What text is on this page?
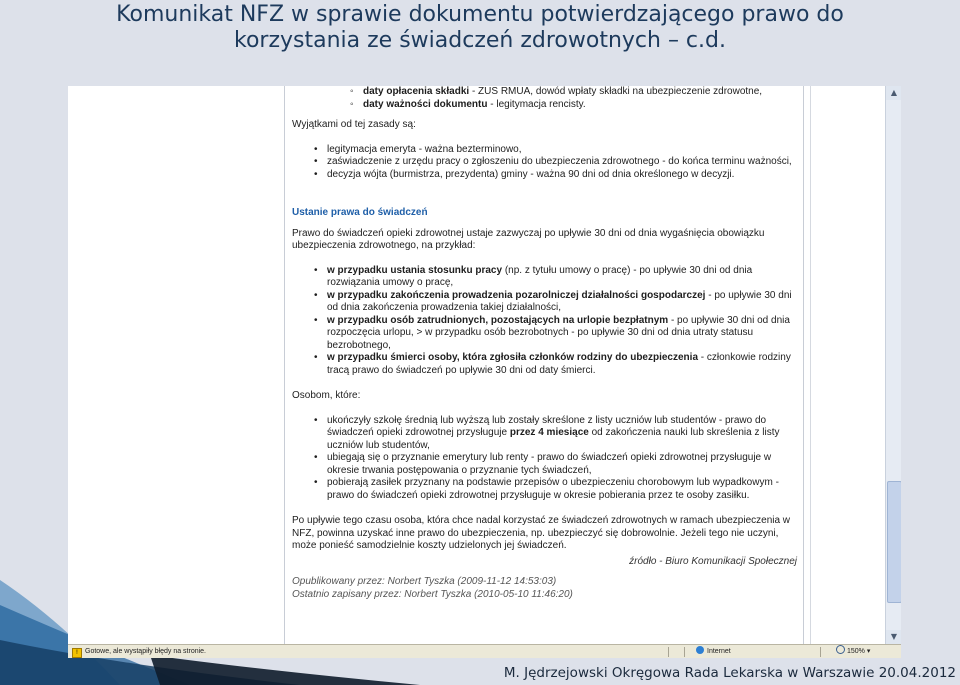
Komunikat NFZ w sprawie dokumentu potwierdzającego prawo do
korzystania ze świadczeń zdrowotnych – c.d.
◦ daty opłacenia składki - ZUS RMUA, dowód wpłaty składki na ubezpieczenie zdrowotne,
◦ daty ważności dokumentu - legitymacja rencisty.

Wyjątkami od tej zasady są:

• legitymacja emeryta - ważna bezterminowo,
• zaświadczenie z urzędu pracy o zgłoszeniu do ubezpieczenia zdrowotnego - do końca terminu ważności,
• decyzja wójta (burmistrza, prezydenta) gminy - ważna 90 dni od dnia określonego w decyzji.

Ustanie prawa do świadczeń

Prawo do świadczeń opieki zdrowotnej ustaje zazwyczaj po upływie 30 dni od dnia wygaśnięcia obowiązku ubezpieczenia zdrowotnego, na przykład:

• w przypadku ustania stosunku pracy (np. z tytułu umowy o pracę) - po upływie 30 dni od dnia rozwiązania umowy o pracę,
• w przypadku zakończenia prowadzenia pozarolniczej działalności gospodarczej - po upływie 30 dni od dnia zakończenia prowadzenia takiej działalności,
• w przypadku osób zatrudnionych, pozostających na urlopie bezpłatnym - po upływie 30 dni od dnia rozpoczęcia urlopu, > w przypadku osób bezrobotnych - po upływie 30 dni od dnia utraty statusu bezrobotnego,
• w przypadku śmierci osoby, która zgłosiła członków rodziny do ubezpieczenia - członkowie rodziny tracą prawo do świadczeń po upływie 30 dni od daty śmierci.

Osobom, które:

• ukończyły szkołę średnią lub wyższą lub zostały skreślone z listy uczniów lub studentów - prawo do świadczeń opieki zdrowotnej przysługuje przez 4 miesiące od zakończenia nauki lub skreślenia z listy uczniów lub studentów,
• ubiegają się o przyznanie emerytury lub renty - prawo do świadczeń opieki zdrowotnej przysługuje w okresie trwania postępowania o przyznanie tych świadczeń,
• pobierają zasiłek przyznany na podstawie przepisów o ubezpieczeniu chorobowym lub wypadkowym - prawo do świadczeń opieki zdrowotnej przysługuje w okresie pobierania przez te osoby zasiłku.

Po upływie tego czasu osoba, która chce nadal korzystać ze świadczeń zdrowotnych w ramach ubezpieczenia w NFZ, powinna uzyskać inne prawo do ubezpieczenia, np. ubezpieczyć się dobrowolnie. Jeżeli tego nie uczyni, może ponieść samodzielnie koszty udzielonych jej świadczeń.

źródło - Biuro Komunikacji Społecznej

Opublikowany przez: Norbert Tyszka (2009-11-12 14:53:03)

Ostatnio zapisany przez: Norbert Tyszka (2010-05-10 11:46:20)

▲
▼
! Gotowe, ale wystąpiły błędy na stronie.	Internet	150% ▾
M. Jędrzejowski Okręgowa Rada Lekarska w Warszawie 20.04.2012
